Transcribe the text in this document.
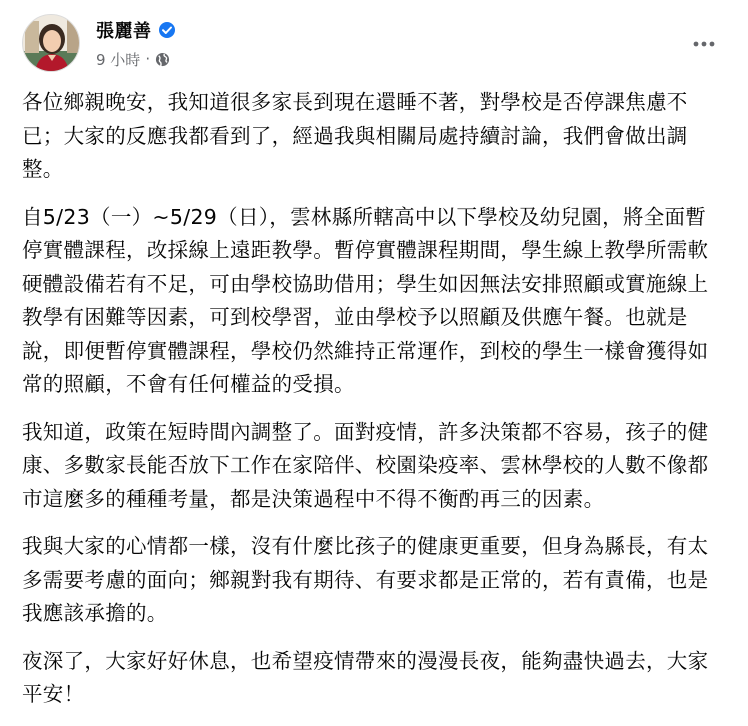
張麗善
9 小時 ·

各位鄉親晚安，我知道很多家長到現在還睡不著，對學校是否停課焦慮不已；大家的反應我都看到了，經過我與相關局處持續討論，我們會做出調整。

自5/23（一）~5/29（日），雲林縣所轄高中以下學校及幼兒園，將全面暫停實體課程，改採線上遠距教學。暫停實體課程期間，學生線上教學所需軟硬體設備若有不足，可由學校協助借用；學生如因無法安排照顧或實施線上教學有困難等因素，可到校學習，並由學校予以照顧及供應午餐。也就是說，即便暫停實體課程，學校仍然維持正常運作，到校的學生一樣會獲得如常的照顧，不會有任何權益的受損。

我知道，政策在短時間內調整了。面對疫情，許多決策都不容易，孩子的健康、多數家長能否放下工作在家陪伴、校園染疫率、雲林學校的人數不像都市這麼多的種種考量，都是決策過程中不得不衡酌再三的因素。

我與大家的心情都一樣，沒有什麼比孩子的健康更重要，但身為縣長，有太多需要考慮的面向；鄉親對我有期待、有要求都是正常的，若有責備，也是我應該承擔的。

夜深了，大家好好休息，也希望疫情帶來的漫漫長夜，能夠盡快過去，大家平安！
